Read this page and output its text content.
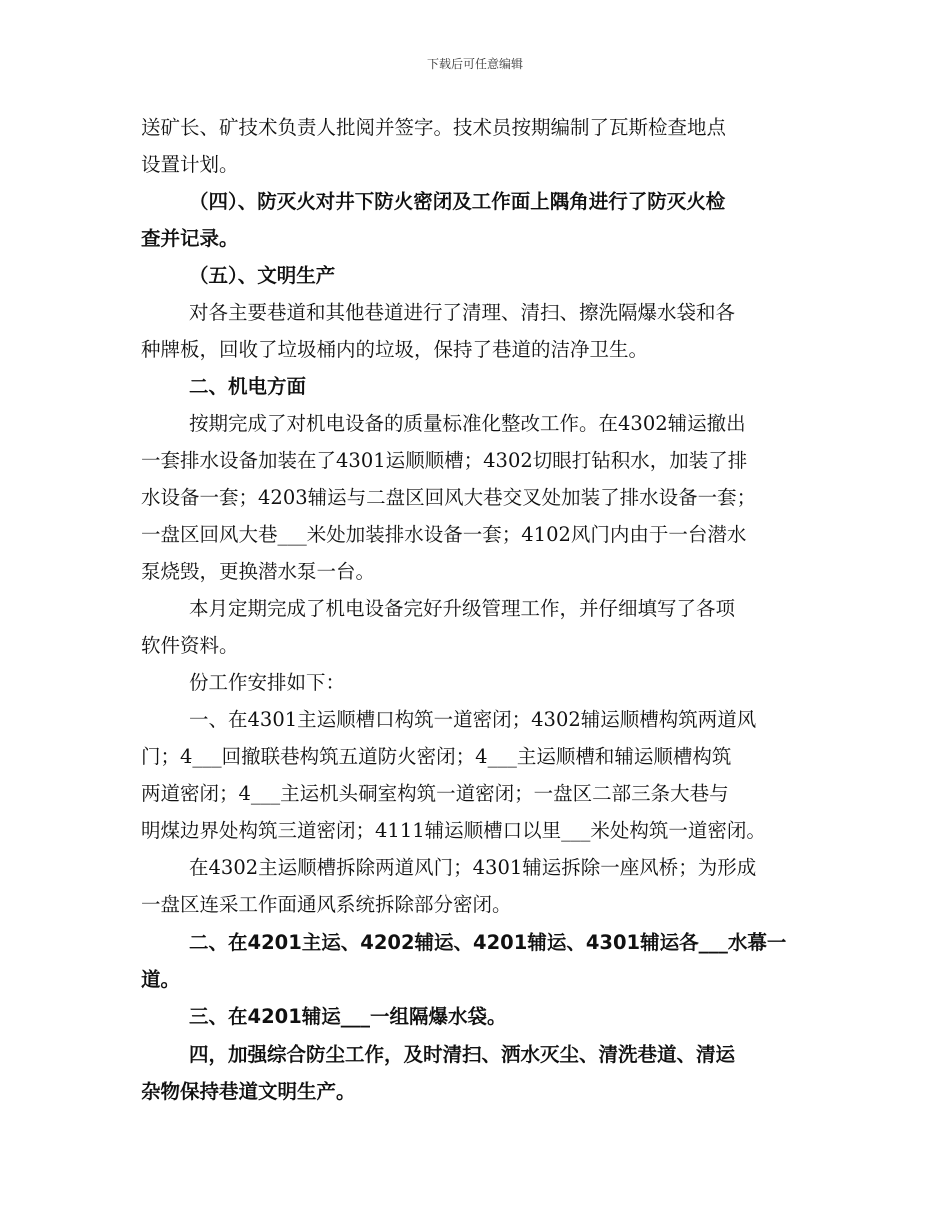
下载后可任意编辑
送矿长、矿技术负责人批阅并签字。技术员按期编制了瓦斯检查地点
设置计划。
（四）、防灭火对井下防火密闭及工作面上隅角进行了防灭火检
查并记录。
（五）、文明生产
对各主要巷道和其他巷道进行了清理、清扫、擦洗隔爆水袋和各
种牌板，回收了垃圾桶内的垃圾，保持了巷道的洁净卫生。
二、机电方面
按期完成了对机电设备的质量标准化整改工作。在4302辅运撤出
一套排水设备加装在了4301运顺顺槽；4302切眼打钻积水，加装了排
水设备一套；4203辅运与二盘区回风大巷交叉处加装了排水设备一套；
一盘区回风大巷___米处加装排水设备一套；4102风门内由于一台潜水
泵烧毁，更换潜水泵一台。
本月定期完成了机电设备完好升级管理工作，并仔细填写了各项
软件资料。
份工作安排如下：
一、在4301主运顺槽口构筑一道密闭；4302辅运顺槽构筑两道风
门；4___回撤联巷构筑五道防火密闭；4___主运顺槽和辅运顺槽构筑
两道密闭；4___主运机头硐室构筑一道密闭；一盘区二部三条大巷与
明煤边界处构筑三道密闭；4111辅运顺槽口以里___米处构筑一道密闭。
在4302主运顺槽拆除两道风门；4301辅运拆除一座风桥；为形成
一盘区连采工作面通风系统拆除部分密闭。
二、在4201主运、4202辅运、4201辅运、4301辅运各___水幕一
道。
三、在4201辅运___一组隔爆水袋。
四，加强综合防尘工作，及时清扫、洒水灭尘、清洗巷道、清运
杂物保持巷道文明生产。
